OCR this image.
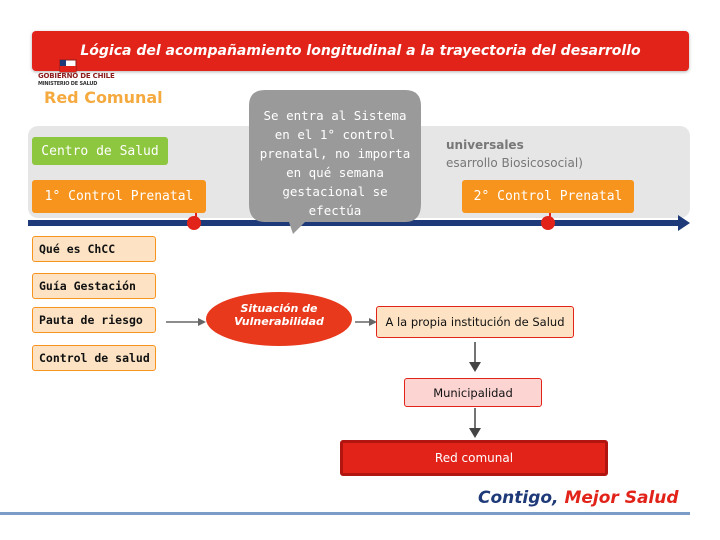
Lógica del acompañamiento longitudinal a la trayectoria del desarrollo
GOBIERNO DE CHILE
MINISTERIO DE SALUD
Red Comunal
universales
esarrollo Biosicosocial)
Centro de Salud
1° Control Prenatal	2° Control Prenatal
Se entra al Sistema en el 1° control prenatal, no importa en qué semana gestacional se efectúa
Qué es ChCC
Guía Gestación
Pauta de riesgo
Control de salud
Situación de Vulnerabilidad	A la propia institución de Salud
Municipalidad
Red comunal
Contigo, Mejor Salud
